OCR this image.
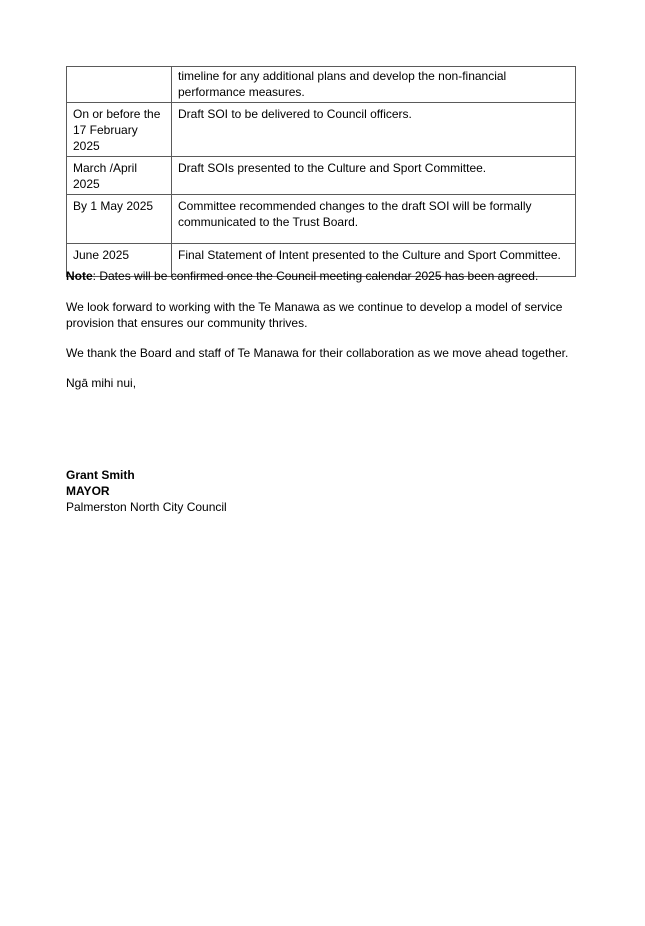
	timeline for any additional plans and develop the non-financial performance measures.
On or before the 17 February 2025	Draft SOI to be delivered to Council officers.
March /April 2025	Draft SOIs presented to the Culture and Sport Committee.
By 1 May 2025	Committee recommended changes to the draft SOI will be formally communicated to the Trust Board.
June 2025	Final Statement of Intent presented to the Culture and Sport Committee.

Note: Dates will be confirmed once the Council meeting calendar 2025 has been agreed.

We look forward to working with the Te Manawa as we continue to develop a model of service provision that ensures our community thrives.

We thank the Board and staff of Te Manawa for their collaboration as we move ahead together.

Ngā mihi nui,

Grant Smith
MAYOR
Palmerston North City Council
